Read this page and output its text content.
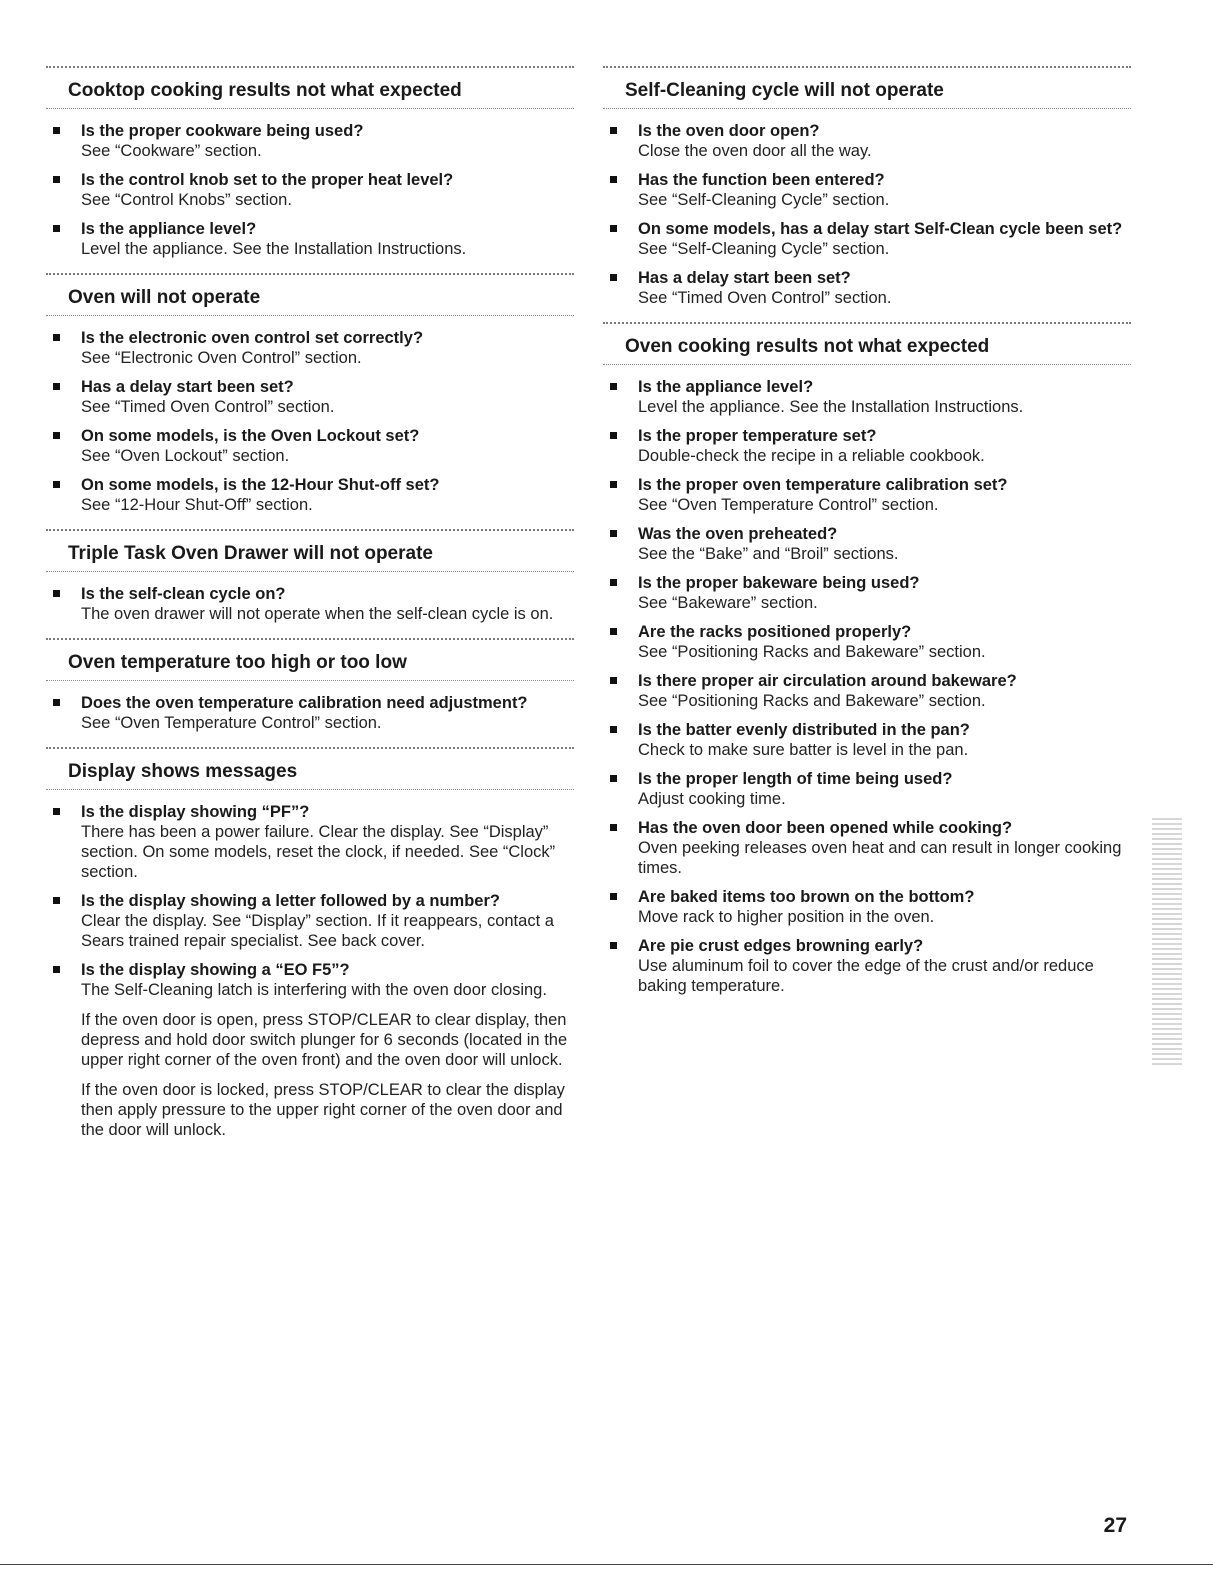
Cooktop cooking results not what expected
Is the proper cookware being used?
See “Cookware” section.
Is the control knob set to the proper heat level?
See “Control Knobs” section.
Is the appliance level?
Level the appliance. See the Installation Instructions.
Oven will not operate
Is the electronic oven control set correctly?
See “Electronic Oven Control” section.
Has a delay start been set?
See “Timed Oven Control” section.
On some models, is the Oven Lockout set?
See “Oven Lockout” section.
On some models, is the 12-Hour Shut-off set?
See “12-Hour Shut-Off” section.
Triple Task Oven Drawer will not operate
Is the self-clean cycle on?
The oven drawer will not operate when the self-clean cycle is on.
Oven temperature too high or too low
Does the oven temperature calibration need adjustment?
See “Oven Temperature Control” section.
Display shows messages
Is the display showing “PF”?
There has been a power failure. Clear the display. See “Display” section. On some models, reset the clock, if needed. See “Clock” section.
Is the display showing a letter followed by a number?
Clear the display. See “Display” section. If it reappears, contact a Sears trained repair specialist. See back cover.
Is the display showing a “EO F5”?
The Self-Cleaning latch is interfering with the oven door closing.

If the oven door is open, press STOP/CLEAR to clear display, then depress and hold door switch plunger for 6 seconds (located in the upper right corner of the oven front) and the oven door will unlock.

If the oven door is locked, press STOP/CLEAR to clear the display then apply pressure to the upper right corner of the oven door and the door will unlock.

Self-Cleaning cycle will not operate
Is the oven door open?
Close the oven door all the way.
Has the function been entered?
See “Self-Cleaning Cycle” section.
On some models, has a delay start Self-Clean cycle been set?
See “Self-Cleaning Cycle” section.
Has a delay start been set?
See “Timed Oven Control” section.
Oven cooking results not what expected
Is the appliance level?
Level the appliance. See the Installation Instructions.
Is the proper temperature set?
Double-check the recipe in a reliable cookbook.
Is the proper oven temperature calibration set?
See “Oven Temperature Control” section.
Was the oven preheated?
See the “Bake” and “Broil” sections.
Is the proper bakeware being used?
See “Bakeware” section.
Are the racks positioned properly?
See “Positioning Racks and Bakeware” section.
Is there proper air circulation around bakeware?
See “Positioning Racks and Bakeware” section.
Is the batter evenly distributed in the pan?
Check to make sure batter is level in the pan.
Is the proper length of time being used?
Adjust cooking time.
Has the oven door been opened while cooking?
Oven peeking releases oven heat and can result in longer cooking times.
Are baked items too brown on the bottom?
Move rack to higher position in the oven.
Are pie crust edges browning early?
Use aluminum foil to cover the edge of the crust and/or reduce baking temperature.
27
